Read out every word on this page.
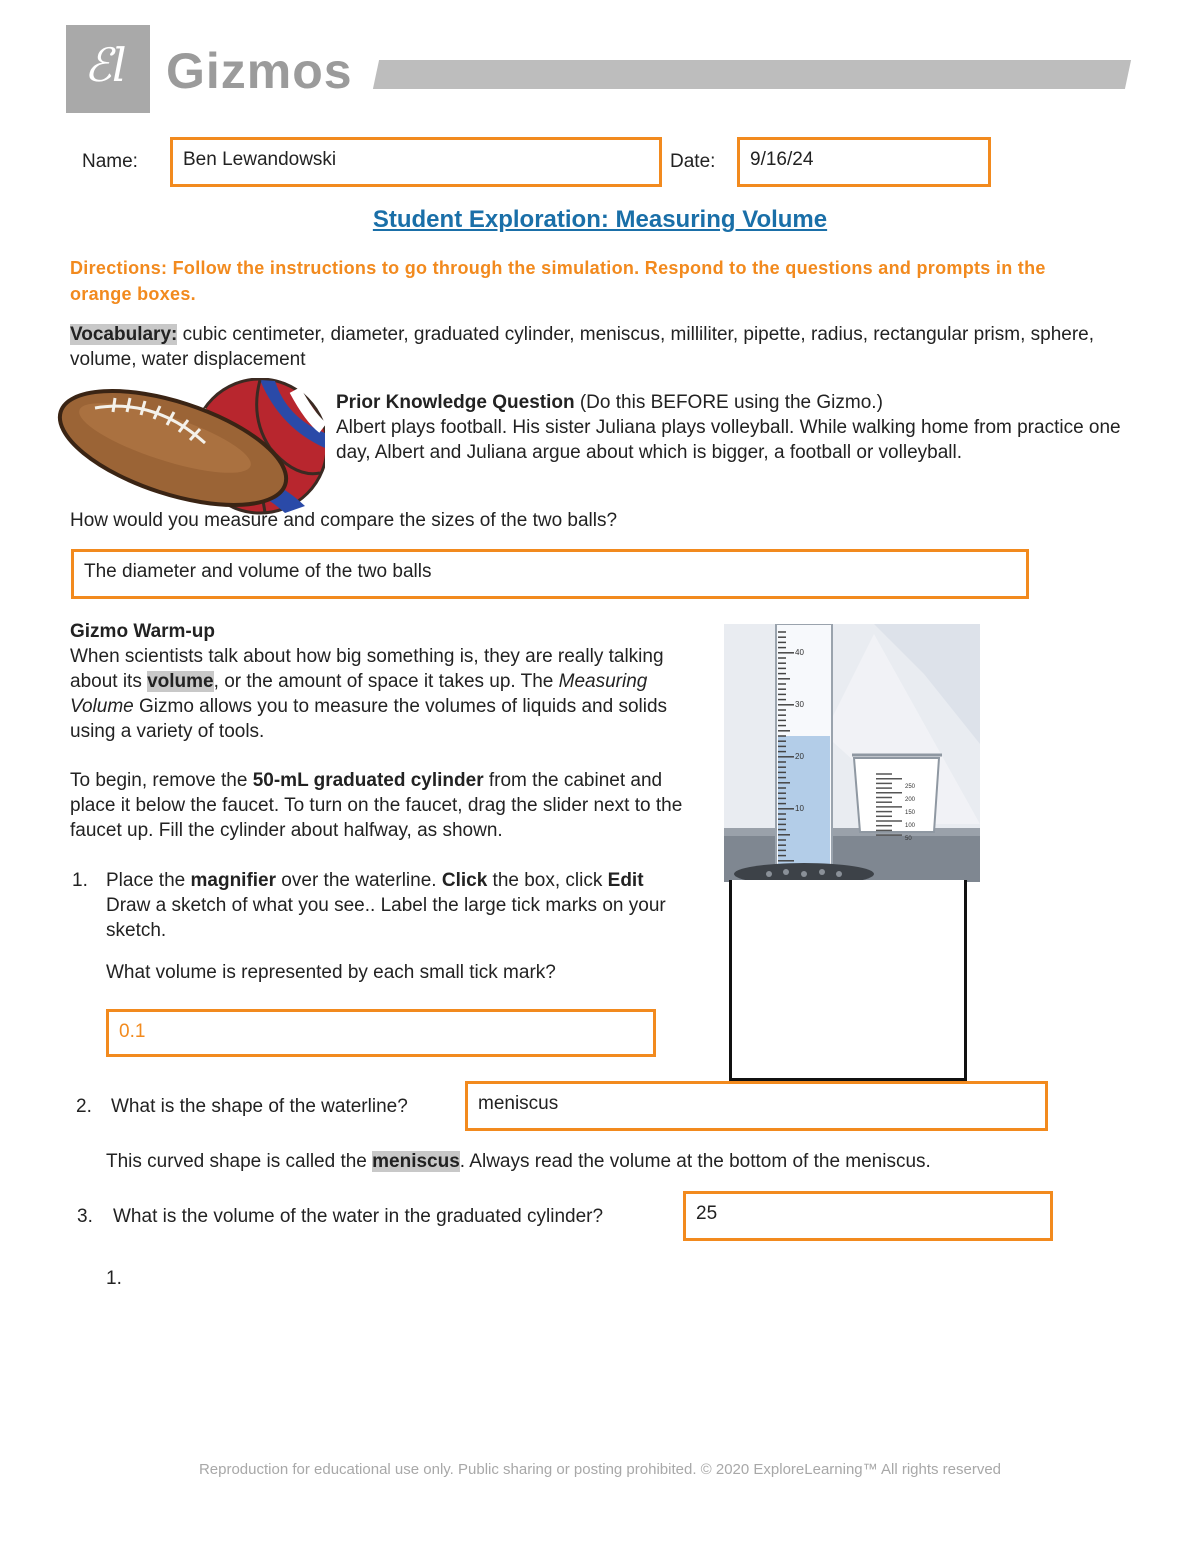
ℰl Gizmos
Name:	Ben Lewandowski	Date:	9/16/24
Student Exploration: Measuring Volume
Directions: Follow the instructions to go through the simulation. Respond to the questions and prompts in the orange boxes.
Vocabulary: cubic centimeter, diameter, graduated cylinder, meniscus, milliliter, pipette, radius, rectangular prism, sphere, volume, water displacement
Prior Knowledge Question (Do this BEFORE using the Gizmo.)
Albert plays football. His sister Juliana plays volleyball. While walking home from practice one day, Albert and Juliana argue about which is bigger, a football or volleyball.
How would you measure and compare the sizes of the two balls?
The diameter and volume of the two balls
Gizmo Warm-up
When scientists talk about how big something is, they are really talking about its volume, or the amount of space it takes up. The Measuring Volume Gizmo allows you to measure the volumes of liquids and solids using a variety of tools.
To begin, remove the 50-mL graduated cylinder from the cabinet and place it below the faucet. To turn on the faucet, drag the slider next to the faucet up. Fill the cylinder about halfway, as shown.
40
30
20
10
250
200
150
100
50
1. Place the magnifier over the waterline. Click the box, click Edit      Draw a sketch of what you see.. Label the large tick marks on your sketch.
What volume is represented by each small tick mark?
0.1
2. What is the shape of the waterline?	meniscus
This curved shape is called the meniscus. Always read the volume at the bottom of the meniscus.
3. What is the volume of the water in the graduated cylinder?	25
1.
Reproduction for educational use only. Public sharing or posting prohibited. © 2020 ExploreLearning™ All rights reserved
